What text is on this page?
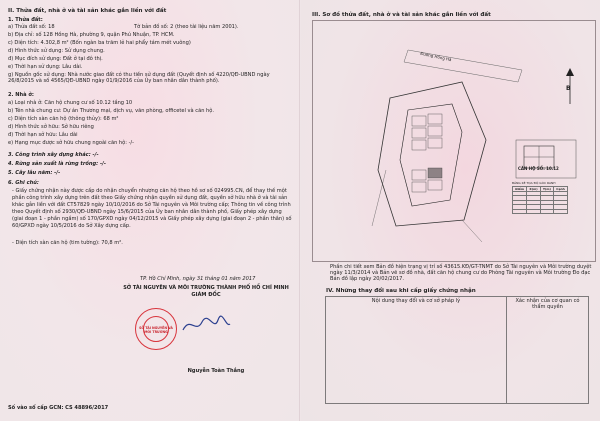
II. Thửa đất, nhà ở và tài sản khác gắn liền với đất
1. Thửa đất:
a) Thửa đất số: 18	Tờ bản đồ số: 2 (theo tài liệu năm 2001).
b) Địa chỉ: số 128 Hồng Hà, phường 9, quận Phú Nhuận, TP. HCM.
c) Diện tích: 4.302,8 m² (Bốn ngàn ba trăm lẻ hai phẩy tám mét vuông)
d) Hình thức sử dụng: Sử dụng chung.
đ) Mục đích sử dụng: Đất ở tại đô thị.
e) Thời hạn sử dụng: Lâu dài.
g) Nguồn gốc sử dụng: Nhà nước giao đất có thu tiền sử dụng đất (Quyết định số 4220/QĐ-UBND ngày 26/8/2015 và số 4565/QĐ-UBND ngày 01/9/2016 của Ủy ban nhân dân thành phố).
2. Nhà ở:
a) Loại nhà ở: Căn hộ chung cư số 10.12 tầng 10
b) Tên nhà chung cư: Dự án Thương mại, dịch vụ, văn phòng, officetel và căn hộ.
c) Diện tích sàn căn hộ (thông thủy): 68 m²
d) Hình thức sở hữu: Sở hữu riêng
đ) Thời hạn sở hữu: Lâu dài
e) Hạng mục được sở hữu chung ngoài căn hộ: -/-
3. Công trình xây dựng khác: -/-
4. Rừng sản xuất là rừng trồng: -/-
5. Cây lâu năm: -/-
6. Ghi chú:
- Giấy chứng nhận này được cấp do nhận chuyển nhượng căn hộ theo hồ sơ số 024995.CN, để thay thế một phần công trình xây dựng trên đất theo Giấy chứng nhận quyền sử dụng đất, quyền sở hữu nhà ở và tài sản khác gắn liền với đất CT57829 ngày 10/10/2016 do Sở Tài nguyên và Môi trường cấp; Thông tin về công trình theo Quyết định số 2930/QĐ-UBND ngày 15/6/2015 của Ủy ban nhân dân thành phố, Giấy phép xây dựng (giai đoạn 1 - phần ngầm) số 170/GPXD ngày 04/12/2015 và Giấy phép xây dựng (giai đoạn 2 - phần thân) số 60/GPXD ngày 10/5/2016 do Sở Xây dựng cấp.
- Diện tích sàn căn hộ (tim tường): 70,8 m².
TP. Hồ Chí Minh, ngày 31 tháng 01 năm 2017
SỞ TÀI NGUYÊN VÀ MÔI TRƯỜNG THÀNH PHỐ HỒ CHÍ MINH
GIÁM ĐỐC
SỞ TÀI NGUYÊN VÀ MÔI TRƯỜNG
Nguyễn Toàn Thắng
Số vào sổ cấp GCN: CS 48896/2017
III. Sơ đồ thửa đất, nhà ở và tài sản khác gắn liền với đất
Đường Hồng Hà
B
CĂN HỘ SỐ: 10.12
BẢNG KÊ TỌA ĐỘ GÓC RANH
Điểm	X(m)	Y(m)	Cạnh

Phần chi tiết xem Bản đồ hiện trạng vị trí số 43615.KĐ/GT-TNMT do Sở Tài nguyên và Môi trường duyệt ngày 11/3/2014 và Bản vẽ sơ đồ nhà, đất căn hộ chung cư do Phòng Tài nguyên và Môi trường Đo đạc Bản đồ lập ngày 20/02/2017.
IV. Những thay đổi sau khi cấp giấy chứng nhận
Nội dung thay đổi và cơ sở pháp lý	Xác nhận của cơ quan có thẩm quyền
